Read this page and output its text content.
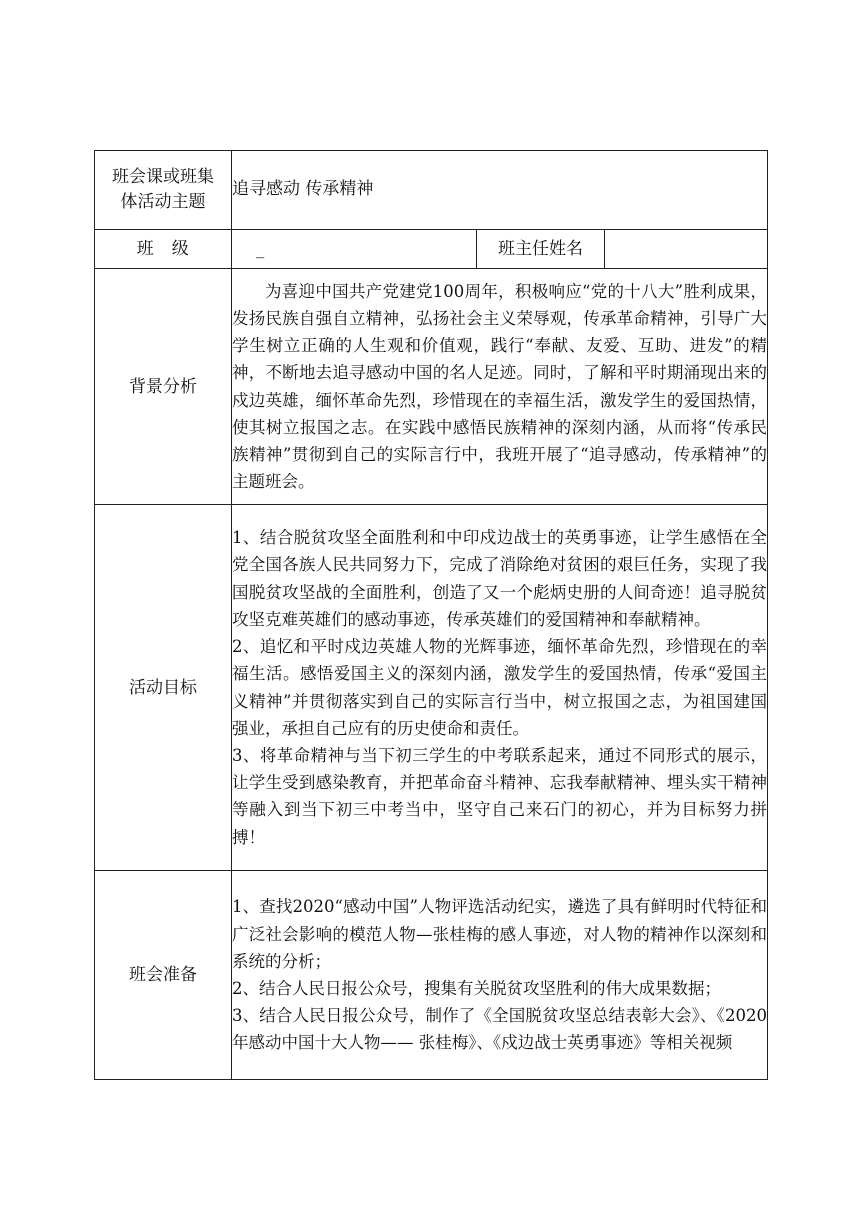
班会课或班集体活动主题	追寻感动 传承精神		
班　级	_	班主任姓名	
背景分析	为喜迎中国共产党建党100周年，积极响应“党的十八大”胜利成果，发扬民族自强自立精神，弘扬社会主义荣辱观，传承革命精神，引导广大学生树立正确的人生观和价值观，践行“奉献、友爱、互助、进发”的精神，不断地去追寻感动中国的名人足迹。同时，了解和平时期涌现出来的戍边英雄，缅怀革命先烈，珍惜现在的幸福生活，激发学生的爱国热情，使其树立报国之志。在实践中感悟民族精神的深刻内涵，从而将“传承民族精神”贯彻到自己的实际言行中，我班开展了“追寻感动，传承精神”的主题班会。		

活动目标	1、结合脱贫攻坚全面胜利和中印戍边战士的英勇事迹，让学生感悟在全党全国各族人民共同努力下，完成了消除绝对贫困的艰巨任务，实现了我国脱贫攻坚战的全面胜利，创造了又一个彪炳史册的人间奇迹！追寻脱贫攻坚克难英雄们的感动事迹，传承英雄们的爱国精神和奉献精神。

2、追忆和平时戍边英雄人物的光辉事迹，缅怀革命先烈，珍惜现在的幸福生活。感悟爱国主义的深刻内涵，激发学生的爱国热情，传承“爱国主义精神”并贯彻落实到自己的实际言行当中，树立报国之志，为祖国建国强业，承担自己应有的历史使命和责任。

3、将革命精神与当下初三学生的中考联系起来，通过不同形式的展示，让学生受到感染教育，并把革命奋斗精神、忘我奉献精神、埋头实干精神等融入到当下初三中考当中，坚守自己来石门的初心，并为目标努力拼搏！		

班会准备	1、查找2020“感动中国”人物评选活动纪实，遴选了具有鲜明时代特征和广泛社会影响的模范人物—张桂梅的感人事迹，对人物的精神作以深刻和系统的分析；

2、结合人民日报公众号，搜集有关脱贫攻坚胜利的伟大成果数据；

3、结合人民日报公众号，制作了《全国脱贫攻坚总结表彰大会》、《2020年感动中国十大人物—— 张桂梅》、《戍边战士英勇事迹》等相关视频		
